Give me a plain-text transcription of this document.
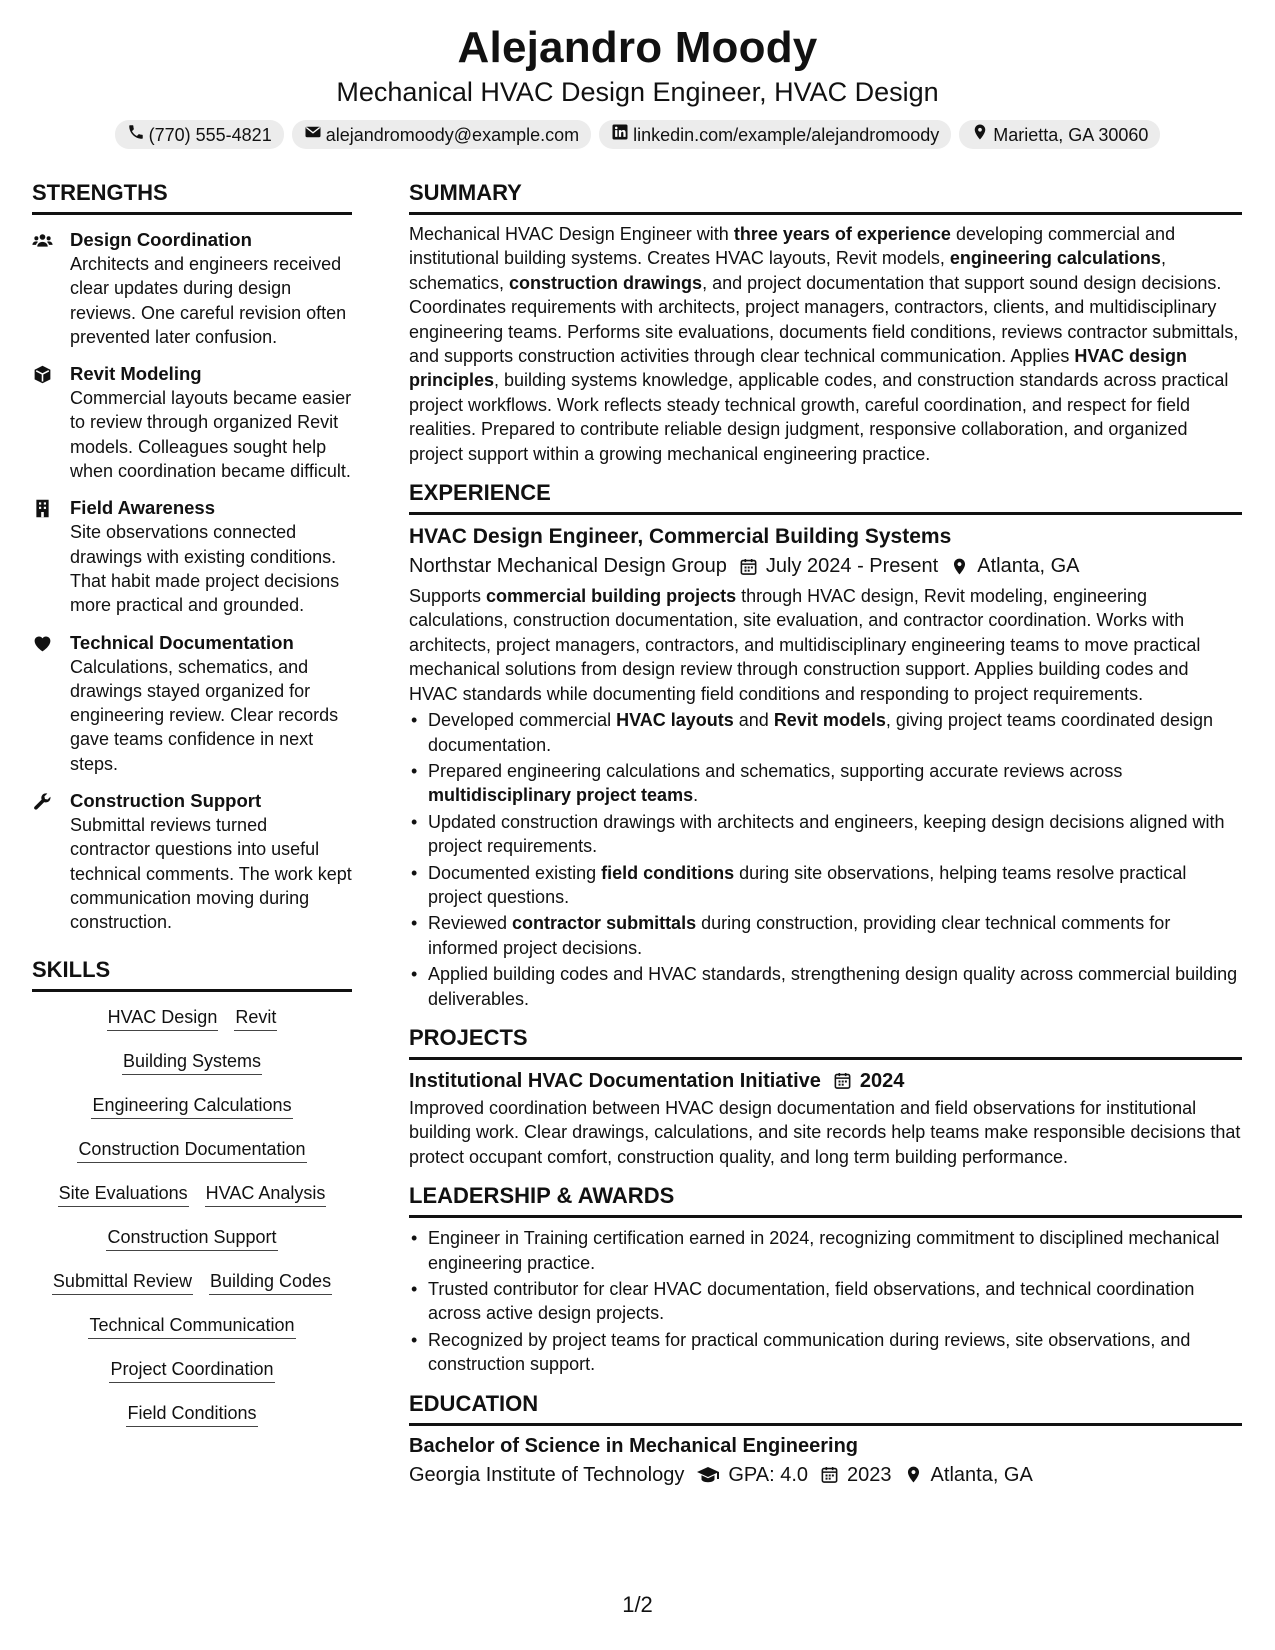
Alejandro Moody
Mechanical HVAC Design Engineer, HVAC Design
(770) 555-4821	alejandromoody@example.com	linkedin.com/example/alejandromoody	Marietta, GA 30060
STRENGTHS
Design Coordination
Architects and engineers received clear updates during design reviews. One careful revision often prevented later confusion.
Revit Modeling
Commercial layouts became easier to review through organized Revit models. Colleagues sought help when coordination became difficult.
Field Awareness
Site observations connected drawings with existing conditions. That habit made project decisions more practical and grounded.
Technical Documentation
Calculations, schematics, and drawings stayed organized for engineering review. Clear records gave teams confidence in next steps.
Construction Support
Submittal reviews turned contractor questions into useful technical comments. The work kept communication moving during construction.
SKILLS
HVAC Design Revit
Building Systems
Engineering Calculations
Construction Documentation
Site Evaluations HVAC Analysis
Construction Support
Submittal Review Building Codes
Technical Communication
Project Coordination
Field Conditions
SUMMARY

Mechanical HVAC Design Engineer with three years of experience developing commercial and institutional building systems. Creates HVAC layouts, Revit models, engineering calculations, schematics, construction drawings, and project documentation that support sound design decisions. Coordinates requirements with architects, project managers, contractors, clients, and multidisciplinary engineering teams. Performs site evaluations, documents field conditions, reviews contractor submittals, and supports construction activities through clear technical communication. Applies HVAC design principles, building systems knowledge, applicable codes, and construction standards across practical project workflows. Work reflects steady technical growth, careful coordination, and respect for field realities. Prepared to contribute reliable design judgment, responsive collaboration, and organized project support within a growing mechanical engineering practice.

EXPERIENCE
HVAC Design Engineer, Commercial Building Systems
Northstar Mechanical Design Group July 2024 - Present Atlanta, GA

Supports commercial building projects through HVAC design, Revit modeling, engineering calculations, construction documentation, site evaluation, and contractor coordination. Works with architects, project managers, contractors, and multidisciplinary engineering teams to move practical mechanical solutions from design review through construction support. Applies building codes and HVAC standards while documenting field conditions and responding to project requirements.

• Developed commercial HVAC layouts and Revit models, giving project teams coordinated design documentation.
• Prepared engineering calculations and schematics, supporting accurate reviews across multidisciplinary project teams.
• Updated construction drawings with architects and engineers, keeping design decisions aligned with project requirements.
• Documented existing field conditions during site observations, helping teams resolve practical project questions.
• Reviewed contractor submittals during construction, providing clear technical comments for informed project decisions.
• Applied building codes and HVAC standards, strengthening design quality across commercial building deliverables.
PROJECTS
Institutional HVAC Documentation Initiative 2024

Improved coordination between HVAC design documentation and field observations for institutional building work. Clear drawings, calculations, and site records help teams make responsible decisions that protect occupant comfort, construction quality, and long term building performance.

LEADERSHIP & AWARDS
• Engineer in Training certification earned in 2024, recognizing commitment to disciplined mechanical engineering practice.
• Trusted contributor for clear HVAC documentation, field observations, and technical coordination across active design projects.
• Recognized by project teams for practical communication during reviews, site observations, and construction support.
EDUCATION
Bachelor of Science in Mechanical Engineering
Georgia Institute of Technology GPA: 4.0 2023 Atlanta, GA
1/2
